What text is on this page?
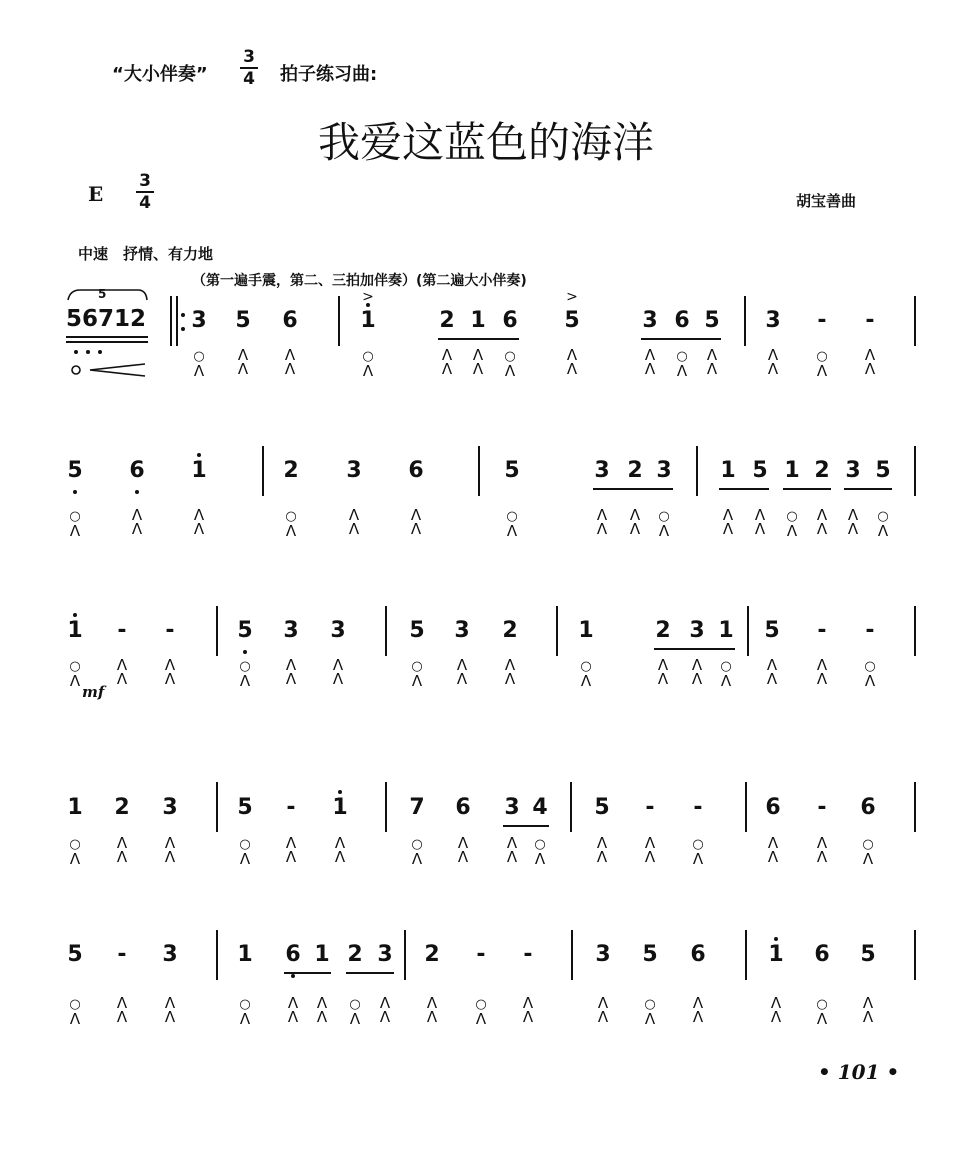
“大小伴奏”
3
4 拍子练习曲:
我爱这蓝色的海洋
E
3
4	胡宝善曲
中速　抒情、有力地
（第一遍手震，第二、三拍加伴奏）(第二遍大小伴奏)
5
56712
mf
3
○
Λ
5
Λ
Λ
6
Λ
Λ
1
○
Λ
2
Λ
Λ
1
Λ
Λ
6
○
Λ
5
Λ
Λ
3
Λ
Λ
6
○
Λ
5
Λ
Λ
3
Λ
Λ
-
○
Λ
-
Λ
Λ
5
○
Λ
6
Λ
Λ
1
Λ
Λ
2
○
Λ
3
Λ
Λ
6
Λ
Λ
5
○
Λ
3
Λ
Λ
2
Λ
Λ
3
○
Λ
1
Λ
Λ
5
Λ
Λ
1
○
Λ
2
Λ
Λ
3
Λ
Λ
5
○
Λ
1
○
Λ
-
Λ
Λ
-
Λ
Λ
5
○
Λ
3
Λ
Λ
3
Λ
Λ
5
○
Λ
3
Λ
Λ
2
Λ
Λ
1
○
Λ
2
Λ
Λ
3
Λ
Λ
1
○
Λ
5
Λ
Λ
-
Λ
Λ
-
○
Λ
1
○
Λ
2
Λ
Λ
3
Λ
Λ
5
○
Λ
-
Λ
Λ
1
Λ
Λ
7
○
Λ
6
Λ
Λ
3
Λ
Λ
4
○
Λ
5
Λ
Λ
-
Λ
Λ
-
○
Λ
6
Λ
Λ
-
Λ
Λ
6
○
Λ
5
○
Λ
-
Λ
Λ
3
Λ
Λ
1
○
Λ
6
Λ
Λ
1
Λ
Λ
2
○
Λ
3
Λ
Λ
2
Λ
Λ
-
○
Λ
-
Λ
Λ
3
Λ
Λ
5
○
Λ
6
Λ
Λ
1
Λ
Λ
6
○
Λ
5
Λ
Λ
>	>
• 101 •
